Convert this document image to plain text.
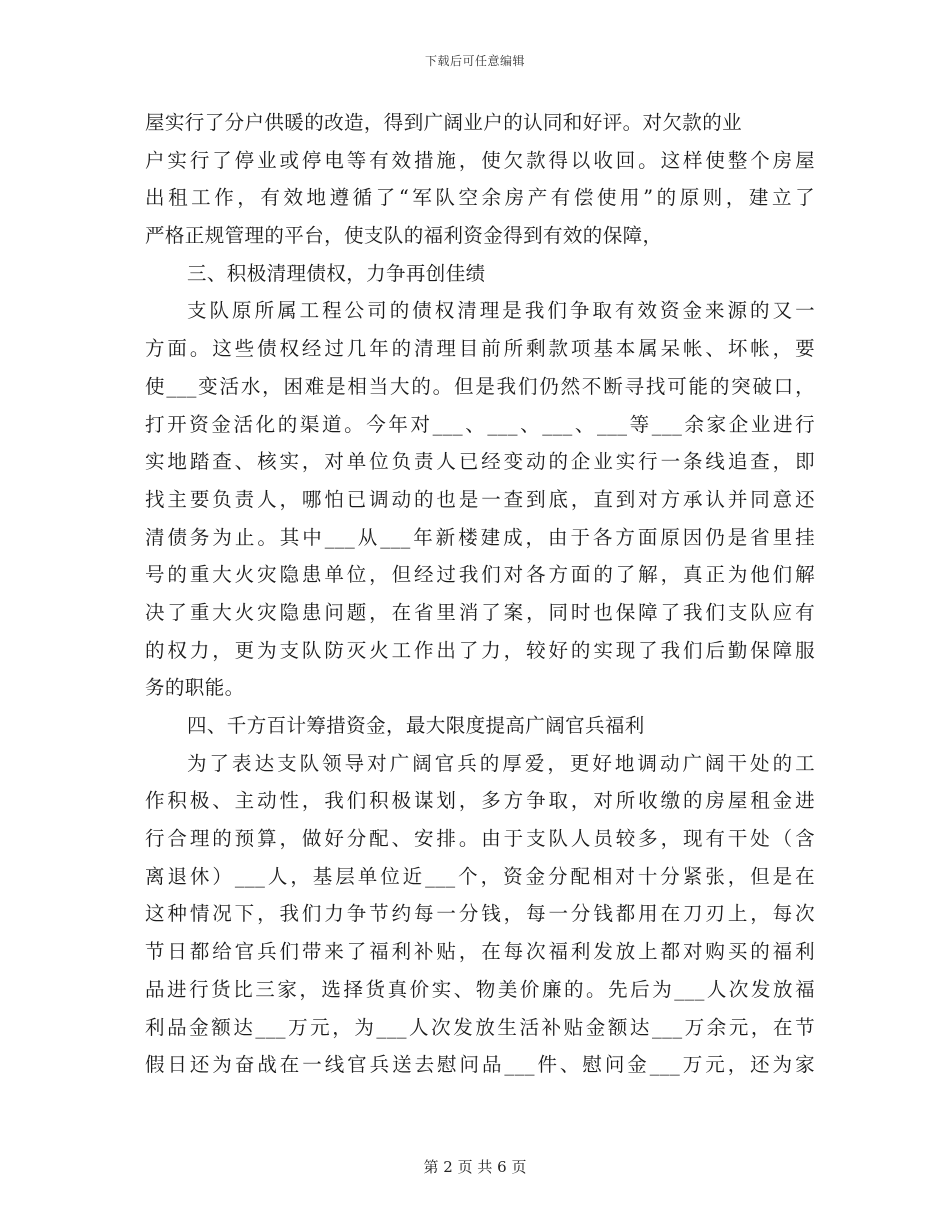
下载后可任意编辑
屋实行了分户供暖的改造，得到广阔业户的认同和好评。对欠款的业
户实行了停业或停电等有效措施，使欠款得以收回。这样使整个房屋
出租工作，有效地遵循了“军队空余房产有偿使用”的原则，建立了
严格正规管理的平台，使支队的福利资金得到有效的保障，
三、积极清理债权，力争再创佳绩
支队原所属工程公司的债权清理是我们争取有效资金来源的又一
方面。这些债权经过几年的清理目前所剩款项基本属呆帐、坏帐，要
使___变活水，困难是相当大的。但是我们仍然不断寻找可能的突破口，
打开资金活化的渠道。今年对___、___、___、___等___余家企业进行
实地踏查、核实，对单位负责人已经变动的企业实行一条线追查，即
找主要负责人，哪怕已调动的也是一查到底，直到对方承认并同意还
清债务为止。其中___从___年新楼建成，由于各方面原因仍是省里挂
号的重大火灾隐患单位，但经过我们对各方面的了解，真正为他们解
决了重大火灾隐患问题，在省里消了案，同时也保障了我们支队应有
的权力，更为支队防灭火工作出了力，较好的实现了我们后勤保障服
务的职能。
四、千方百计筹措资金，最大限度提高广阔官兵福利
为了表达支队领导对广阔官兵的厚爱，更好地调动广阔干处的工
作积极、主动性，我们积极谋划，多方争取，对所收缴的房屋租金进
行合理的预算，做好分配、安排。由于支队人员较多，现有干处（含
离退休）___人，基层单位近___个，资金分配相对十分紧张，但是在
这种情况下，我们力争节约每一分钱，每一分钱都用在刀刃上，每次
节日都给官兵们带来了福利补贴，在每次福利发放上都对购买的福利
品进行货比三家，选择货真价实、物美价廉的。先后为___人次发放福
利品金额达___万元，为___人次发放生活补贴金额达___万余元，在节
假日还为奋战在一线官兵送去慰问品___件、慰问金___万元，还为家
第 2 页 共 6 页
